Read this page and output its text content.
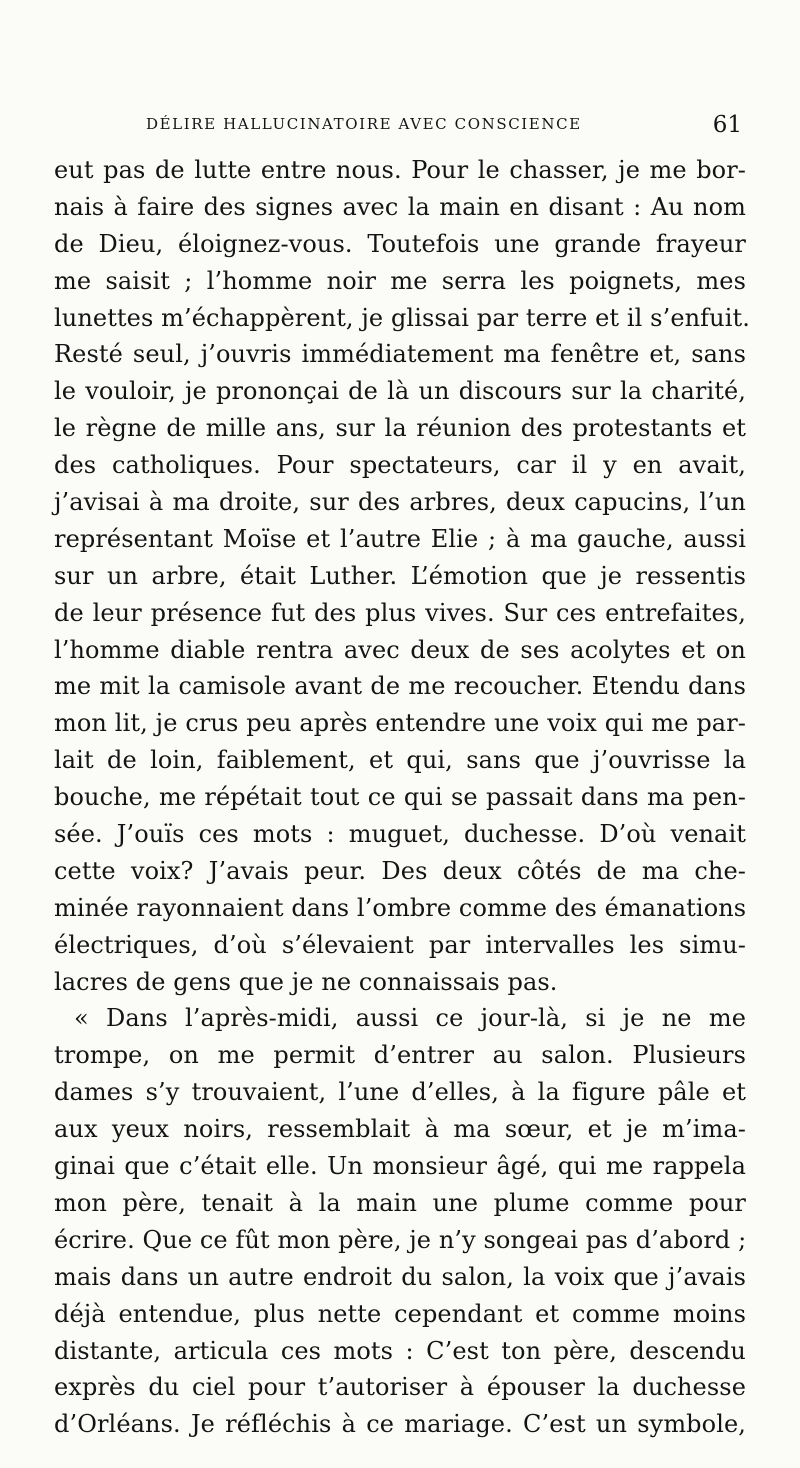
DÉLIRE HALLUCINATOIRE AVEC CONSCIENCE	61
eut pas de lutte entre nous. Pour le chasser, je me bor-
nais à faire des signes avec la main en disant : Au nom
de Dieu, éloignez-vous. Toutefois une grande frayeur
me saisit ; l’homme noir me serra les poignets, mes
lunettes m’échappèrent, je glissai par terre et il s’enfuit.
Resté seul, j’ouvris immédiatement ma fenêtre et, sans
le vouloir, je prononçai de là un discours sur la charité,
le règne de mille ans, sur la réunion des protestants et
des catholiques. Pour spectateurs, car il y en avait,
j’avisai à ma droite, sur des arbres, deux capucins, l’un
représentant Moïse et l’autre Elie ; à ma gauche, aussi
sur un arbre, était Luther. L’émotion que je ressentis
de leur présence fut des plus vives. Sur ces entrefaites,
l’homme diable rentra avec deux de ses acolytes et on
me mit la camisole avant de me recoucher. Etendu dans
mon lit, je crus peu après entendre une voix qui me par-
lait de loin, faiblement, et qui, sans que j’ouvrisse la
bouche, me répétait tout ce qui se passait dans ma pen-
sée. J’ouïs ces mots : muguet, duchesse. D’où venait
cette voix? J’avais peur. Des deux côtés de ma che-
minée rayonnaient dans l’ombre comme des émanations
électriques, d’où s’élevaient par intervalles les simu-
lacres de gens que je ne connaissais pas.
« Dans l’après-midi, aussi ce jour-là, si je ne me
trompe, on me permit d’entrer au salon. Plusieurs
dames s’y trouvaient, l’une d’elles, à la figure pâle et
aux yeux noirs, ressemblait à ma sœur, et je m’ima-
ginai que c’était elle. Un monsieur âgé, qui me rappela
mon père, tenait à la main une plume comme pour
écrire. Que ce fût mon père, je n’y songeai pas d’abord ;
mais dans un autre endroit du salon, la voix que j’avais
déjà entendue, plus nette cependant et comme moins
distante, articula ces mots : C’est ton père, descendu
exprès du ciel pour t’autoriser à épouser la duchesse
d’Orléans. Je réfléchis à ce mariage. C’est un symbole,
